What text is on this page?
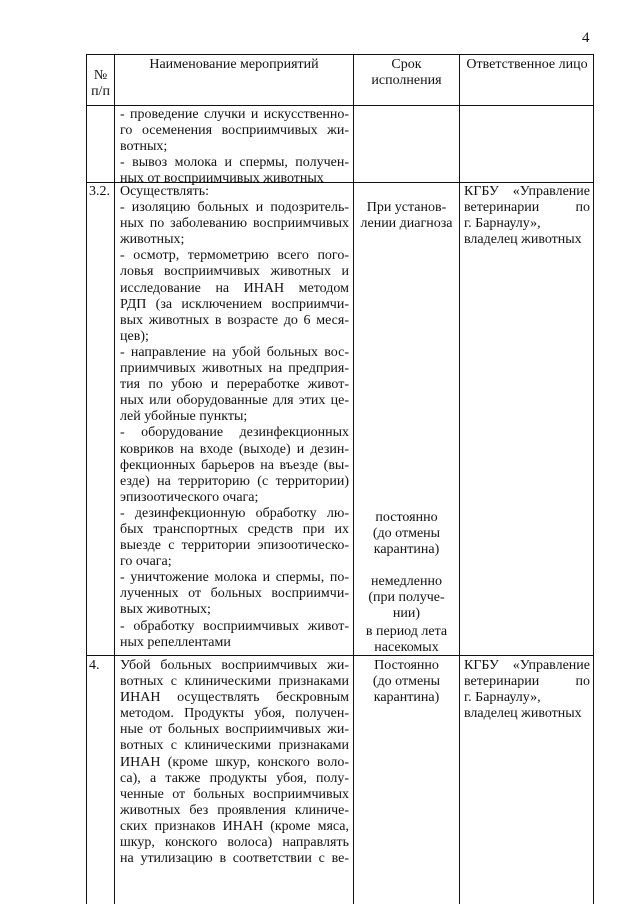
4
№
п/п
Наименование мероприятий	Срок
исполнения
Ответственное лицо
- проведение случки и искусственно-
го осеменения восприимчивых жи-
вотных;
- вывоз молока и спермы, получен-
ных от восприимчивых животных
3.2. Осуществлять:
- изоляцию больных и подозритель-
ных по заболеванию восприимчивых
животных;
- осмотр, термометрию всего пого-
ловья восприимчивых животных и
исследование на ИНАН методом
РДП (за исключением восприимчи-
вых животных в возрасте до 6 меся-
цев);
- направление на убой больных вос-
приимчивых животных на предприя-
тия по убою и переработке живот-
ных или оборудованные для этих це-
лей убойные пункты;
- оборудование дезинфекционных
ковриков на входе (выходе) и дезин-
фекционных барьеров на въезде (вы-
езде) на территорию (с территории)
эпизоотического очага;
- дезинфекционную обработку лю-
бых транспортных средств при их
выезде с территории эпизоотическо-
го очага;
- уничтожение молока и спермы, по-
лученных от больных восприимчи-
вых животных;
- обработку восприимчивых живот-
ных репеллентами
При установ-
лении диагноза
постоянно
(до отмены
карантина)
немедленно
(при получе-
нии)
в период лета
насекомых
КГБУ «Управление
ветеринарии по
г. Барнаулу»,
владелец животных
4.	Убой больных восприимчивых жи-
вотных с клиническими признаками
ИНАН осуществлять бескровным
методом. Продукты убоя, получен-
ные от больных восприимчивых жи-
вотных с клиническими признаками
ИНАН (кроме шкур, конского воло-
са), а также продукты убоя, полу-
ченные от больных восприимчивых
животных без проявления клиниче-
ских признаков ИНАН (кроме мяса,
шкур, конского волоса) направлять
на утилизацию в соответствии с ве-
Постоянно
(до отмены
карантина)
КГБУ «Управление
ветеринарии по
г. Барнаулу»,
владелец животных
